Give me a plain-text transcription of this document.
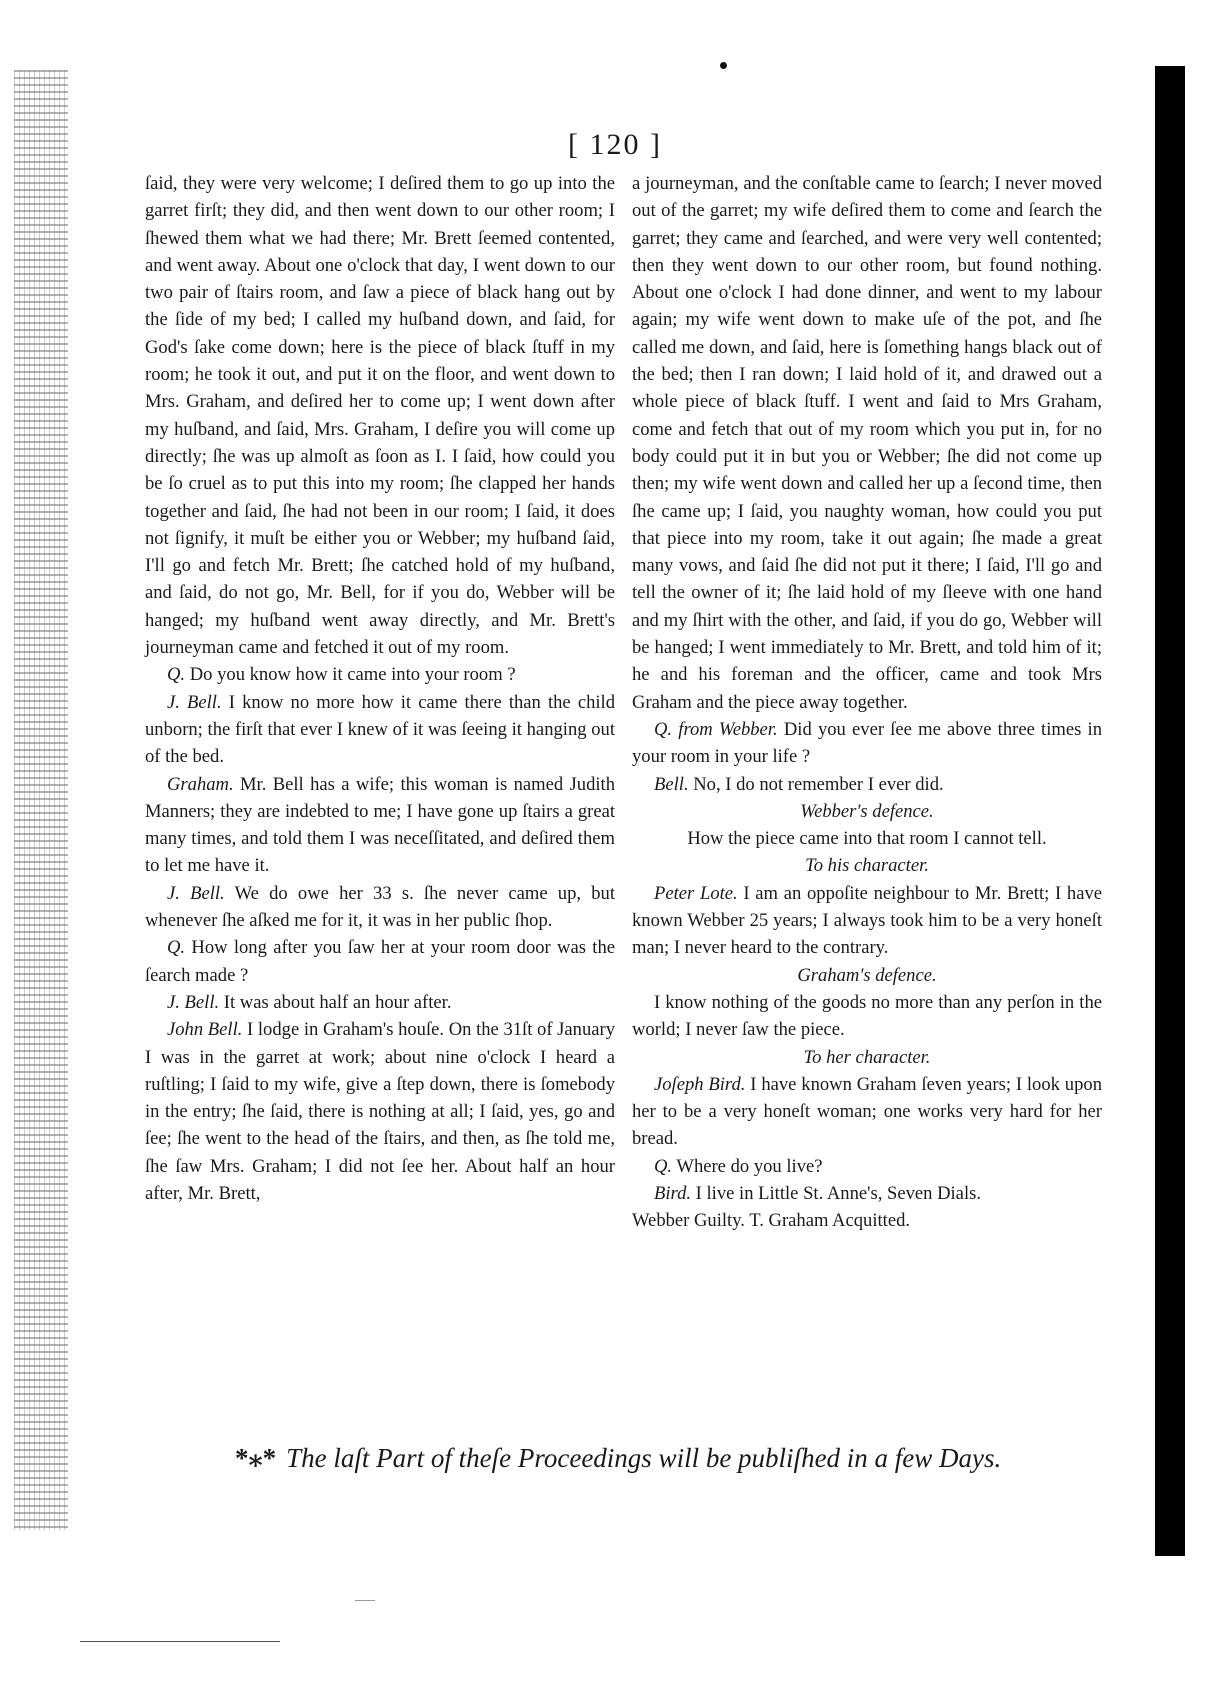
[ 120 ]

ſaid, they were very welcome; I deſired them to go up into the garret firſt; they did, and then went down to our other room; I ſhewed them what we had there; Mr. Brett ſeemed contented, and went away. About one o'clock that day, I went down to our two pair of ſtairs room, and ſaw a piece of black hang out by the ſide of my bed; I called my huſband down, and ſaid, for God's ſake come down; here is the piece of black ſtuff in my room; he took it out, and put it on the floor, and went down to Mrs. Graham, and deſired her to come up; I went down after my huſband, and ſaid, Mrs. Graham, I deſire you will come up directly; ſhe was up almoſt as ſoon as I. I ſaid, how could you be ſo cruel as to put this into my room; ſhe clapped her hands together and ſaid, ſhe had not been in our room; I ſaid, it does not ſignify, it muſt be either you or Webber; my huſband ſaid, I'll go and fetch Mr. Brett; ſhe catched hold of my huſband, and ſaid, do not go, Mr. Bell, for if you do, Webber will be hanged; my huſband went away directly, and Mr. Brett's journeyman came and fetched it out of my room.

Q. Do you know how it came into your room ?

J. Bell. I know no more how it came there than the child unborn; the firſt that ever I knew of it was ſeeing it hanging out of the bed.

Graham. Mr. Bell has a wife; this woman is named Judith Manners; they are indebted to me; I have gone up ſtairs a great many times, and told them I was neceſſitated, and deſired them to let me have it.

J. Bell. We do owe her 33 s. ſhe never came up, but whenever ſhe aſked me for it, it was in her public ſhop.

Q. How long after you ſaw her at your room door was the ſearch made ?

J. Bell. It was about half an hour after.

John Bell. I lodge in Graham's houſe. On the 31ſt of January I was in the garret at work; about nine o'clock I heard a ruſtling; I ſaid to my wife, give a ſtep down, there is ſomebody in the entry; ſhe ſaid, there is nothing at all; I ſaid, yes, go and ſee; ſhe went to the head of the ſtairs, and then, as ſhe told me, ſhe ſaw Mrs. Graham; I did not ſee her. About half an hour after, Mr. Brett,

a journeyman, and the conſtable came to ſearch; I never moved out of the garret; my wife deſired them to come and ſearch the garret; they came and ſearched, and were very well contented; then they went down to our other room, but found nothing. About one o'clock I had done dinner, and went to my labour again; my wife went down to make uſe of the pot, and ſhe called me down, and ſaid, here is ſomething hangs black out of the bed; then I ran down; I laid hold of it, and drawed out a whole piece of black ſtuff. I went and ſaid to Mrs Graham, come and fetch that out of my room which you put in, for no body could put it in but you or Webber; ſhe did not come up then; my wife went down and called her up a ſecond time, then ſhe came up; I ſaid, you naughty woman, how could you put that piece into my room, take it out again; ſhe made a great many vows, and ſaid ſhe did not put it there; I ſaid, I'll go and tell the owner of it; ſhe laid hold of my ſleeve with one hand and my ſhirt with the other, and ſaid, if you do go, Webber will be hanged; I went immediately to Mr. Brett, and told him of it; he and his foreman and the officer, came and took Mrs Graham and the piece away together.

Q. from Webber. Did you ever ſee me above three times in your room in your life ?

Bell. No, I do not remember I ever did.

Webber's defence.

How the piece came into that room I cannot tell.

To his character.

Peter Lote. I am an oppoſite neighbour to Mr. Brett; I have known Webber 25 years; I always took him to be a very honeſt man; I never heard to the contrary.

Graham's defence.

I know nothing of the goods no more than any perſon in the world; I never ſaw the piece.

To her character.

Joſeph Bird. I have known Graham ſeven years; I look upon her to be a very honeſt woman; one works very hard for her bread.

Q. Where do you live?

Bird. I live in Little St. Anne's, Seven Dials.

Webber Guilty. T. Graham Acquitted.

*⁎* The laſt Part of theſe Proceedings will be publiſhed in a few Days.
